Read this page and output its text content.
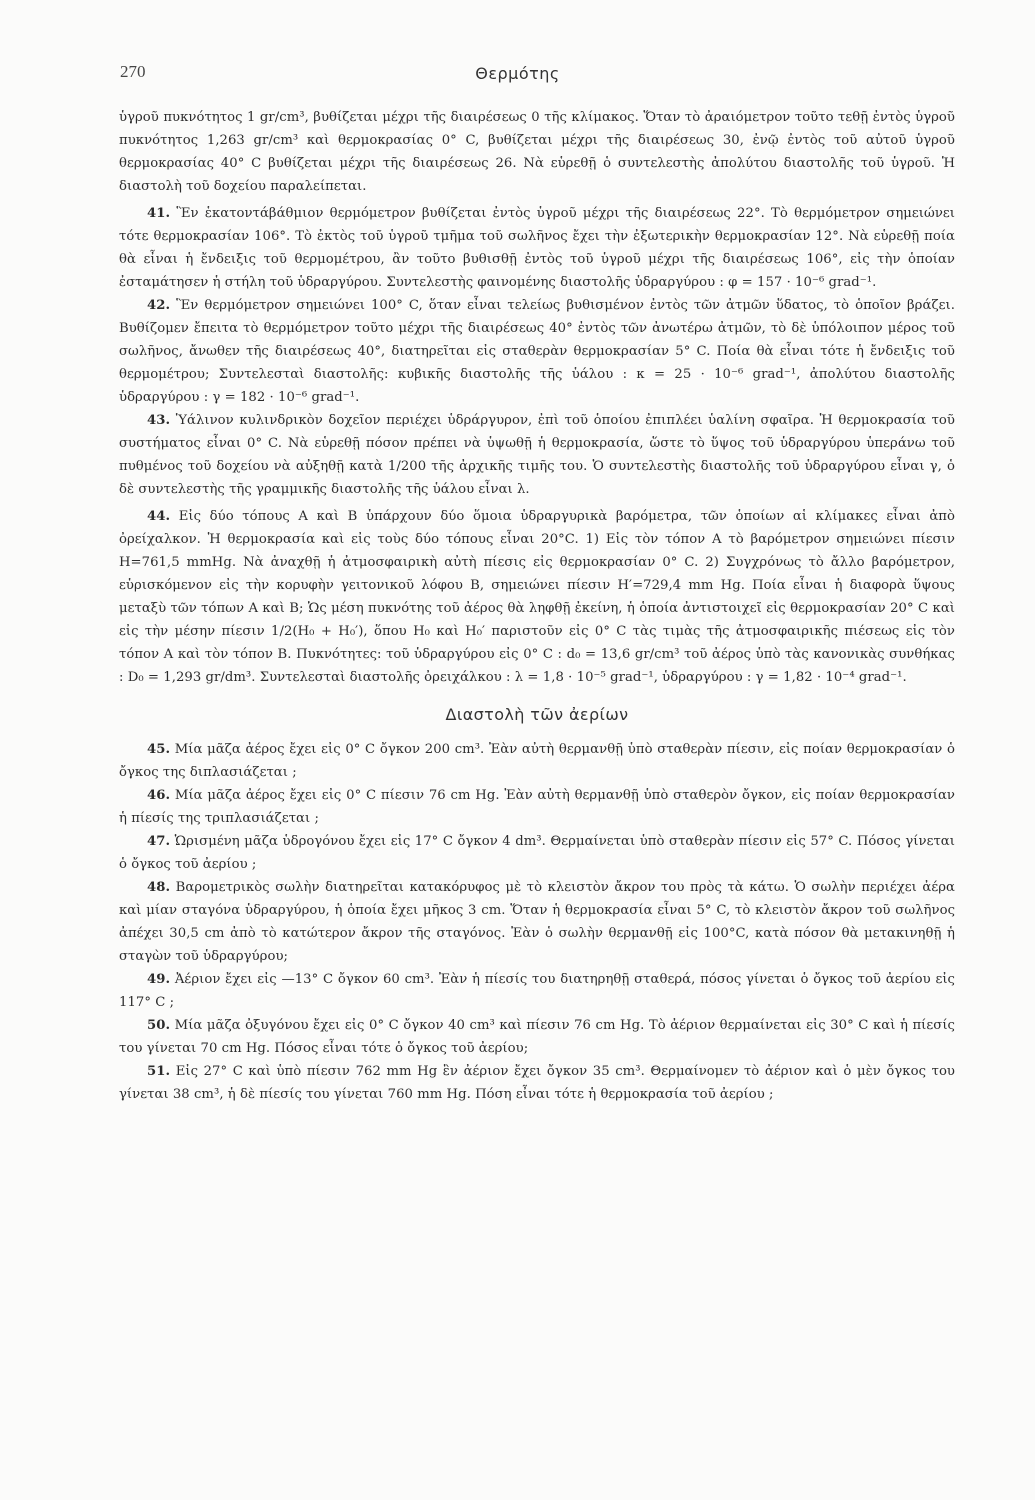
270	Θερμότης

ὑγροῦ πυκνότητος 1 gr/cm³, βυθίζεται μέχρι τῆς διαιρέσεως 0 τῆς κλίμακος. Ὅταν τὸ ἀραιόμετρον τοῦτο τεθῇ ἐντὸς ὑγροῦ πυκνότητος 1,263 gr/cm³ καὶ θερμοκρασίας 0° C, βυθίζεται μέχρι τῆς διαιρέσεως 30, ἐνῷ ἐντὸς τοῦ αὐτοῦ ὑγροῦ θερμοκρασίας 40° C βυθίζεται μέχρι τῆς διαιρέσεως 26. Νὰ εὑρεθῇ ὁ συντελεστὴς ἀπολύτου διαστολῆς τοῦ ὑγροῦ. Ἡ διαστολὴ τοῦ δοχείου παραλείπεται.

41. Ἓν ἑκατοντάβάθμιον θερμόμετρον βυθίζεται ἐντὸς ὑγροῦ μέχρι τῆς διαιρέσεως 22°. Τὸ θερμόμετρον σημειώνει τότε θερμοκρασίαν 106°. Τὸ ἐκτὸς τοῦ ὑγροῦ τμῆμα τοῦ σωλῆνος ἔχει τὴν ἐξωτερικὴν θερμοκρασίαν 12°. Νὰ εὑρεθῇ ποία θὰ εἶναι ἡ ἔνδειξις τοῦ θερμομέτρου, ἂν τοῦτο βυθισθῇ ἐντὸς τοῦ ὑγροῦ μέχρι τῆς διαιρέσεως 106°, εἰς τὴν ὁποίαν ἐσταμάτησεν ἡ στήλη τοῦ ὑδραργύρου. Συντελεστὴς φαινομένης διαστολῆς ὑδραργύρου : φ = 157 · 10⁻⁶ grad⁻¹.

42. Ἓν θερμόμετρον σημειώνει 100° C, ὅταν εἶναι τελείως βυθισμένον ἐντὸς τῶν ἀτμῶν ὕδατος, τὸ ὁποῖον βράζει. Βυθίζομεν ἔπειτα τὸ θερμόμετρον τοῦτο μέχρι τῆς διαιρέσεως 40° ἐντὸς τῶν ἀνωτέρω ἀτμῶν, τὸ δὲ ὑπόλοιπον μέρος τοῦ σωλῆνος, ἄνωθεν τῆς διαιρέσεως 40°, διατηρεῖται εἰς σταθερὰν θερμοκρασίαν 5° C. Ποία θὰ εἶναι τότε ἡ ἔνδειξις τοῦ θερμομέτρου; Συντελεσταὶ διαστολῆς: κυβικῆς διαστολῆς τῆς ὑάλου : κ = 25 · 10⁻⁶ grad⁻¹, ἀπολύτου διαστολῆς ὑδραργύρου : γ = 182 · 10⁻⁶ grad⁻¹.

43. Ὑάλινον κυλινδρικὸν δοχεῖον περιέχει ὑδράργυρον, ἐπὶ τοῦ ὁποίου ἐπιπλέει ὑαλίνη σφαῖρα. Ἡ θερμοκρασία τοῦ συστήματος εἶναι 0° C. Νὰ εὑρεθῇ πόσον πρέπει νὰ ὑψωθῇ ἡ θερμοκρασία, ὥστε τὸ ὕψος τοῦ ὑδραργύρου ὑπεράνω τοῦ πυθμένος τοῦ δοχείου νὰ αὐξηθῇ κατὰ 1/200 τῆς ἀρχικῆς τιμῆς του. Ὁ συντελεστὴς διαστολῆς τοῦ ὑδραργύρου εἶναι γ, ὁ δὲ συντελεστὴς τῆς γραμμικῆς διαστολῆς τῆς ὑάλου εἶναι λ.

44. Εἰς δύο τόπους Α καὶ Β ὑπάρχουν δύο ὅμοια ὑδραργυρικὰ βαρόμετρα, τῶν ὁποίων αἱ κλίμακες εἶναι ἀπὸ ὀρείχαλκον. Ἡ θερμοκρασία καὶ εἰς τοὺς δύο τόπους εἶναι 20°C. 1) Εἰς τὸν τόπον Α τὸ βαρόμετρον σημειώνει πίεσιν Η=761,5 mmHg. Νὰ ἀναχθῇ ἡ ἀτμοσφαιρικὴ αὐτὴ πίεσις εἰς θερμοκρασίαν 0° C. 2) Συγχρόνως τὸ ἄλλο βαρόμετρον, εὑρισκόμενον εἰς τὴν κορυφὴν γειτονικοῦ λόφου Β, σημειώνει πίεσιν Η′=729,4 mm Hg. Ποία εἶναι ἡ διαφορὰ ὕψους μεταξὺ τῶν τόπων Α καὶ Β; Ὡς μέση πυκνότης τοῦ ἀέρος θὰ ληφθῇ ἐκείνη, ἡ ὁποία ἀντιστοιχεῖ εἰς θερμοκρασίαν 20° C καὶ εἰς τὴν μέσην πίεσιν 1/2(Η₀ + Η₀′), ὅπου Η₀ καὶ Η₀′ παριστοῦν εἰς 0° C τὰς τιμὰς τῆς ἀτμοσφαιρικῆς πιέσεως εἰς τὸν τόπον Α καὶ τὸν τόπον Β. Πυκνότητες: τοῦ ὑδραργύρου εἰς 0° C : d₀ = 13,6 gr/cm³ τοῦ ἀέρος ὑπὸ τὰς κανονικὰς συνθήκας : D₀ = 1,293 gr/dm³. Συντελεσταὶ διαστολῆς ὀρειχάλκου : λ = 1,8 · 10⁻⁵ grad⁻¹, ὑδραργύρου : γ = 1,82 · 10⁻⁴ grad⁻¹.

Διαστολὴ τῶν ἀερίων

45. Μία μᾶζα ἀέρος ἔχει εἰς 0° C ὄγκον 200 cm³. Ἐὰν αὐτὴ θερμανθῇ ὑπὸ σταθερὰν πίεσιν, εἰς ποίαν θερμοκρασίαν ὁ ὄγκος της διπλασιάζεται ;

46. Μία μᾶζα ἀέρος ἔχει εἰς 0° C πίεσιν 76 cm Hg. Ἐὰν αὐτὴ θερμανθῇ ὑπὸ σταθερὸν ὄγκον, εἰς ποίαν θερμοκρασίαν ἡ πίεσίς της τριπλασιάζεται ;

47. Ὡρισμένη μᾶζα ὑδρογόνου ἔχει εἰς 17° C ὄγκον 4 dm³. Θερμαίνεται ὑπὸ σταθερὰν πίεσιν εἰς 57° C. Πόσος γίνεται ὁ ὄγκος τοῦ ἀερίου ;

48. Βαρομετρικὸς σωλὴν διατηρεῖται κατακόρυφος μὲ τὸ κλειστὸν ἄκρον του πρὸς τὰ κάτω. Ὁ σωλὴν περιέχει ἀέρα καὶ μίαν σταγόνα ὑδραργύρου, ἡ ὁποία ἔχει μῆκος 3 cm. Ὅταν ἡ θερμοκρασία εἶναι 5° C, τὸ κλειστὸν ἄκρον τοῦ σωλῆνος ἀπέχει 30,5 cm ἀπὸ τὸ κατώτερον ἄκρον τῆς σταγόνος. Ἐὰν ὁ σωλὴν θερμανθῇ εἰς 100°C, κατὰ πόσον θὰ μετακινηθῇ ἡ σταγὼν τοῦ ὑδραργύρου;

49. Ἀέριον ἔχει εἰς —13° C ὄγκον 60 cm³. Ἐὰν ἡ πίεσίς του διατηρηθῇ σταθερά, πόσος γίνεται ὁ ὄγκος τοῦ ἀερίου εἰς 117° C ;

50. Μία μᾶζα ὀξυγόνου ἔχει εἰς 0° C ὄγκον 40 cm³ καὶ πίεσιν 76 cm Hg. Τὸ ἀέριον θερμαίνεται εἰς 30° C καὶ ἡ πίεσίς του γίνεται 70 cm Hg. Πόσος εἶναι τότε ὁ ὄγκος τοῦ ἀερίου;

51. Εἰς 27° C καὶ ὑπὸ πίεσιν 762 mm Hg ἓν ἀέριον ἔχει ὄγκον 35 cm³. Θερμαίνομεν τὸ ἀέριον καὶ ὁ μὲν ὄγκος του γίνεται 38 cm³, ἡ δὲ πίεσίς του γίνεται 760 mm Hg. Πόση εἶναι τότε ἡ θερμοκρασία τοῦ ἀερίου ;
